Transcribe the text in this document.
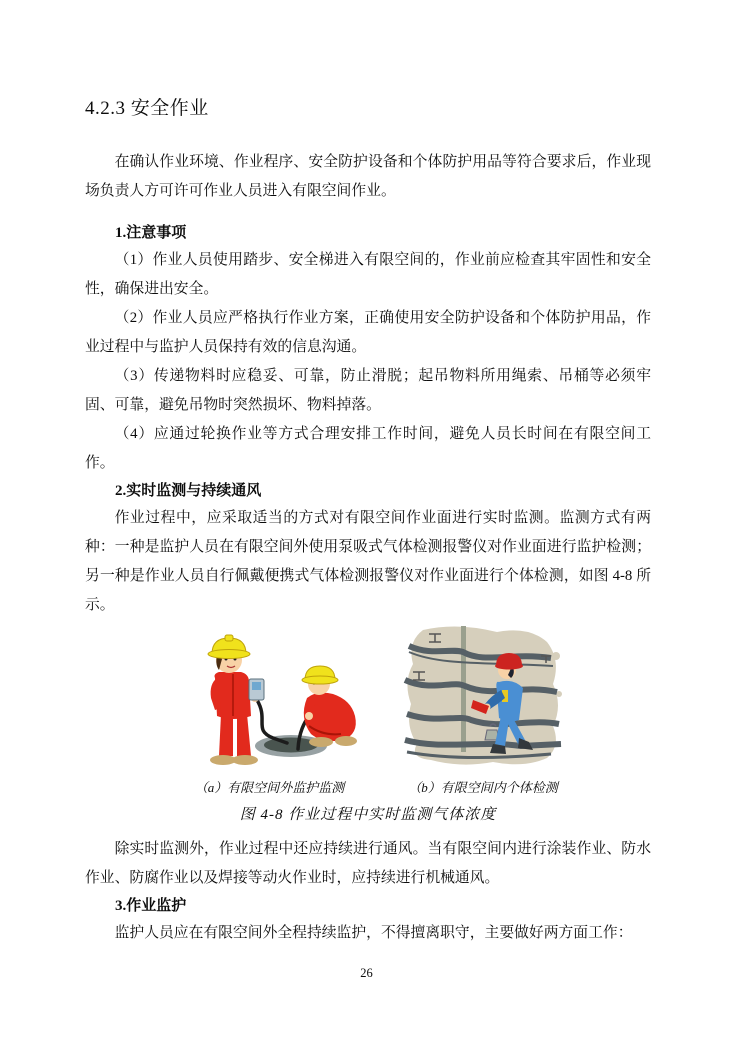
4.2.3 安全作业

在确认作业环境、作业程序、安全防护设备和个体防护用品等符合要求后，作业现场负责人方可许可作业人员进入有限空间作业。

1.注意事项

（1）作业人员使用踏步、安全梯进入有限空间的，作业前应检查其牢固性和安全性，确保进出安全。

（2）作业人员应严格执行作业方案，正确使用安全防护设备和个体防护用品，作业过程中与监护人员保持有效的信息沟通。

（3）传递物料时应稳妥、可靠，防止滑脱；起吊物料所用绳索、吊桶等必须牢固、可靠，避免吊物时突然损坏、物料掉落。

（4）应通过轮换作业等方式合理安排工作时间，避免人员长时间在有限空间工作。

2.实时监测与持续通风

作业过程中，应采取适当的方式对有限空间作业面进行实时监测。监测方式有两种：一种是监护人员在有限空间外使用泵吸式气体检测报警仪对作业面进行监护检测；另一种是作业人员自行佩戴便携式气体检测报警仪对作业面进行个体检测，如图 4-8 所示。

（a）有限空间外监护监测	（b）有限空间内个体检测
图 4-8 作业过程中实时监测气体浓度

除实时监测外，作业过程中还应持续进行通风。当有限空间内进行涂装作业、防水作业、防腐作业以及焊接等动火作业时，应持续进行机械通风。

3.作业监护

监护人员应在有限空间外全程持续监护，不得擅离职守，主要做好两方面工作：

26
